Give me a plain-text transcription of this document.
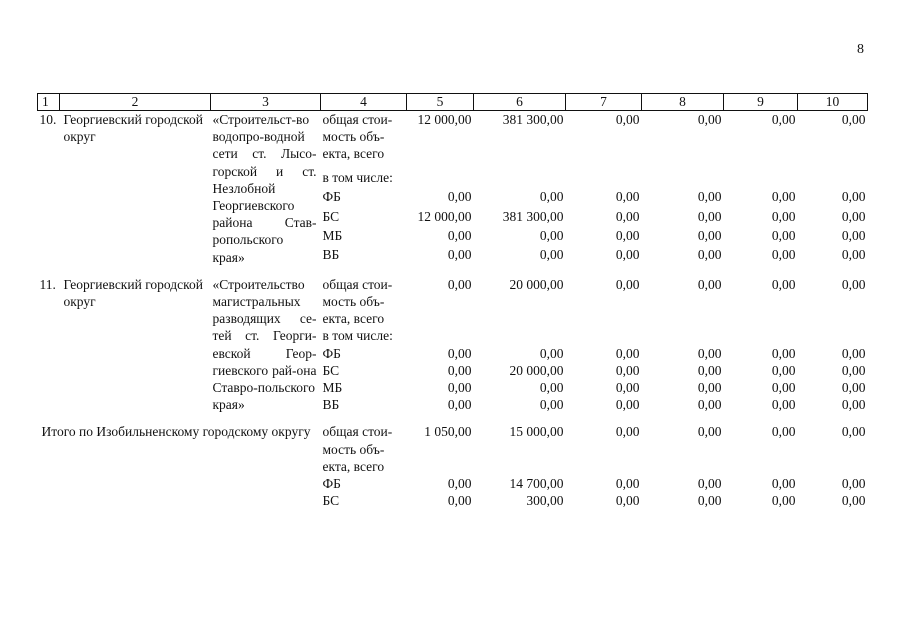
8
1	2	3	4	5	6	7	8	9	10
10.	Георгиевский городской округ	«Строительст-во водопро-водной сети ст. Лысо-горской и ст. Незлобной Георгиевского района Став-ропольского края»	общая стои-мость объ-екта, всего	12 000,00	381 300,00	0,00	0,00	0,00	0,00
			в том числе:						
			ФБ	0,00	0,00	0,00	0,00	0,00	0,00
			БС	12 000,00	381 300,00	0,00	0,00	0,00	0,00
			МБ	0,00	0,00	0,00	0,00	0,00	0,00
			ВБ	0,00	0,00	0,00	0,00	0,00	0,00

11.	Георгиевский городской округ	«Строительство магистральных разводящих се-тей ст. Георги-евской Геор-гиевского рай-она Ставро-польского края»	общая стои-мость объ-екта, всего	0,00	20 000,00	0,00	0,00	0,00	0,00
			в том числе:						
			ФБ	0,00	0,00	0,00	0,00	0,00	0,00
			БС	0,00	20 000,00	0,00	0,00	0,00	0,00
			МБ	0,00	0,00	0,00	0,00	0,00	0,00
			ВБ	0,00	0,00	0,00	0,00	0,00	0,00

Итого по Изобильненскому городскому округу			общая стои-мость объ-екта, всего	1 050,00	15 000,00	0,00	0,00	0,00	0,00

			ФБ	0,00	14 700,00	0,00	0,00	0,00	0,00
			БС	0,00	300,00	0,00	0,00	0,00	0,00
